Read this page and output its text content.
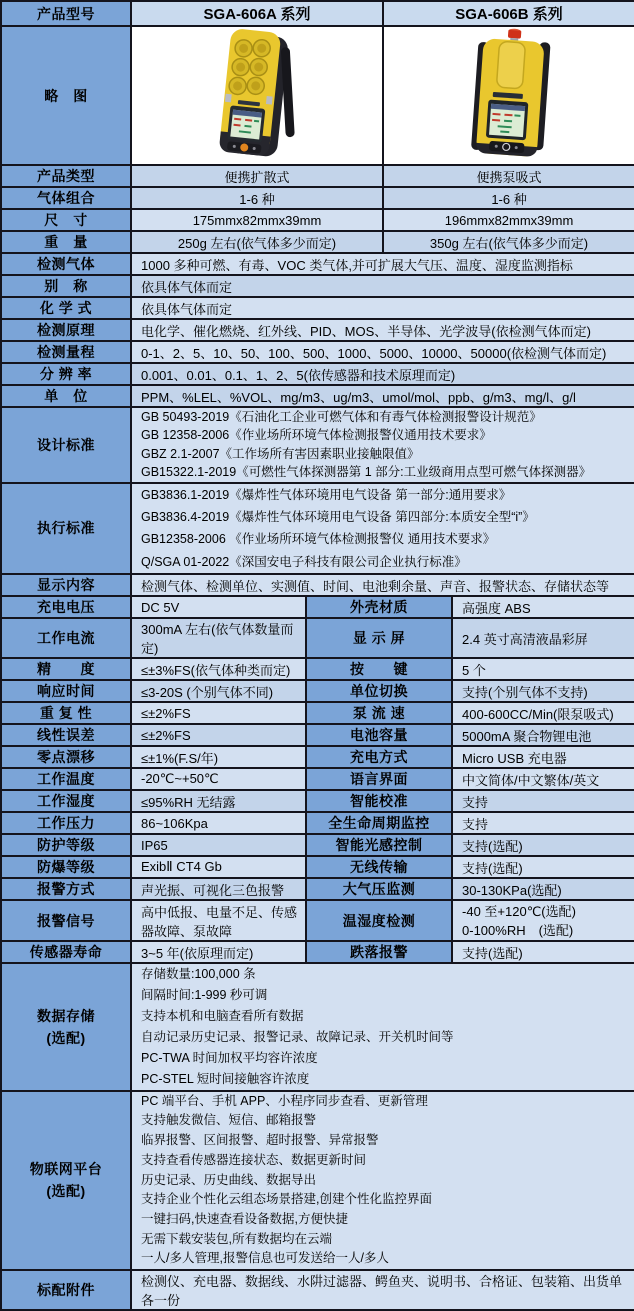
产品型号	SGA-606A 系列		SGA-606B 系列	
略　图		
产品类型	便携扩散式		便携泵吸式	
气体组合	1-6 种		1-6 种	
尺　寸	175mmx82mmx39mm		196mmx82mmx39mm	
重　量	250g 左右(依气体多少而定)		350g 左右(依气体多少而定)	
检测气体	1000 多种可燃、有毒、VOC 类气体,并可扩展大气压、温度、湿度监测指标			
别　称	依具体气体而定			
化 学 式	依具体气体而定			
检测原理	电化学、催化燃烧、红外线、PID、MOS、半导体、光学波导(依检测气体而定)			
检测量程	0-1、2、5、10、50、100、500、1000、5000、10000、50000(依检测气体而定)			
分 辨 率	0.001、0.01、0.1、1、2、5(依传感器和技术原理而定)			
单　位	PPM、%LEL、%VOL、mg/m3、ug/m3、umol/mol、ppb、g/m3、mg/l、g/l			
设计标准	GB 50493-2019《石油化工企业可燃气体和有毒气体检测报警设计规范》
GB 12358-2006《作业场所环境气体检测报警仪通用技术要求》
GBZ 2.1-2007《工作场所有害因素职业接触限值》
GB15322.1-2019《可燃性气体探测器第 1 部分:工业级商用点型可燃气体探测器》			

执行标准	GB3836.1-2019《爆炸性气体环境用电气设备 第一部分:通用要求》
GB3836.4-2019《爆炸性气体环境用电气设备 第四部分:本质安全型“i”》
GB12358-2006 《作业场所环境气体检测报警仪 通用技术要求》
Q/SGA 01-2022《深国安电子科技有限公司企业执行标准》			

显示内容	检测气体、检测单位、实测值、时间、电池剩余量、声音、报警状态、存储状态等			
充电电压	DC 5V	外壳材质		高强度 ABS
工作电流	300mA 左右(依气体数量而定)	显 示 屏		2.4 英寸高清液晶彩屏
精　　度	≤±3%FS(依气体种类而定)	按　　键		5 个
响应时间	≤3-20S (个别气体不同)	单位切换		支持(个别气体不支持)
重 复 性	≤±2%FS	泵 流 速		400-600CC/Min(限泵吸式)
线性误差	≤±2%FS	电池容量		5000mA 聚合物锂电池
零点漂移	≤±1%(F.S/年)	充电方式		Micro USB 充电器
工作温度	-20℃~+50℃	语言界面		中文简体/中文繁体/英文
工作湿度	≤95%RH 无结露	智能校准		支持
工作压力	86~106Kpa	全生命周期监控		支持
防护等级	IP65	智能光感控制		支持(选配)
防爆等级	ExibⅡ CT4 Gb	无线传输		支持(选配)
报警方式	声光振、可视化三色报警	大气压监测		30-130KPa(选配)
报警信号	高中低报、电量不足、传感器故障、泵故障	温湿度检测		-40 至+120℃(选配)
0-100%RH　(选配)

传感器寿命	3~5 年(依原理而定)	跌落报警		支持(选配)

数据存储
(选配)

存储数量:100,000 条
间隔时间:1-999 秒可调
支持本机和电脑查看所有数据
自动记录历史记录、报警记录、故障记录、开关机时间等
PC-TWA 时间加权平均容许浓度
PC-STEL 短时间接触容许浓度

物联网平台
(选配)

PC 端平台、手机 APP、小程序同步查看、更新管理
支持触发微信、短信、邮箱报警
临界报警、区间报警、超时报警、异常报警
支持查看传感器连接状态、数据更新时间
历史记录、历史曲线、数据导出
支持企业个性化云组态场景搭建,创建个性化监控界面
一键扫码,快速查看设备数据,方便快捷
无需下载安装包,所有数据均在云端
一人/多人管理,报警信息也可发送给一人/多人

标配附件	检测仪、充电器、数据线、水阱过滤器、鳄鱼夹、说明书、合格证、包装箱、出货单各一份			
